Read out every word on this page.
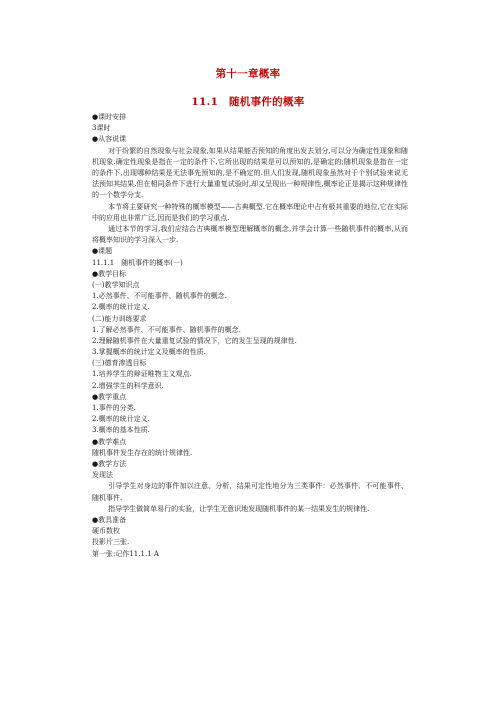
第十一章概率
11.1　随机事件的概率
●课时安排
3课时
●从容说课
对于纷繁的自然现象与社会现象,如果从结果能否预知的角度出发去划分,可以分为确定性现象和随机现象.确定性现象是指在一定的条件下,它所出现的结果是可以预知的,是确定的;随机现象是指在一定的条件下,出现哪种结果是无法事先预知的,是不确定的.但人们发现,随机现象虽然对于个别试验来说无法预知其结果,但在相同条件下进行大量重复试验时,却又呈现出一种规律性,概率论正是揭示这种规律性的一个数学分支.
本节将主要研究一种特殊的概率模型——古典概型.它在概率理论中占有极其重要的地位,它在实际中的应用也非常广泛,因而是我们的学习重点.
通过本节的学习,我们应结合古典概率模型理解概率的概念,并学会计算一些随机事件的概率,从而将概率知识的学习深入一步.
●课题
11.1.1　随机事件的概率(一)
●教学目标
(一)教学知识点
1.必然事件、不可能事件、随机事件的概念.
2.概率的统计定义.
(二)能力训练要求
1.了解必然事件、不可能事件、随机事件的概念.
2.理解随机事件在大量重复试验的情况下，它的发生呈现的规律性.
3.掌握概率的统计定义及概率的性质.
(三)德育渗透目标
1.培养学生的辩证唯物主义观点.
2.增强学生的科学意识.
●教学重点
1.事件的分类.
2.概率的统计定义.
3.概率的基本性质.
●教学难点
随机事件发生存在的统计规律性.
●教学方法
发现法
引导学生对身边的事件加以注意、分析，结果可定性地分为三类事件：必然事件、不可能事件、随机事件.
指导学生做简单易行的实验，让学生无意识地发现随机事件的某一结果发生的规律性.
●教具准备
硬币数枚
投影片三张.
第一张:记作11.1.1 A
